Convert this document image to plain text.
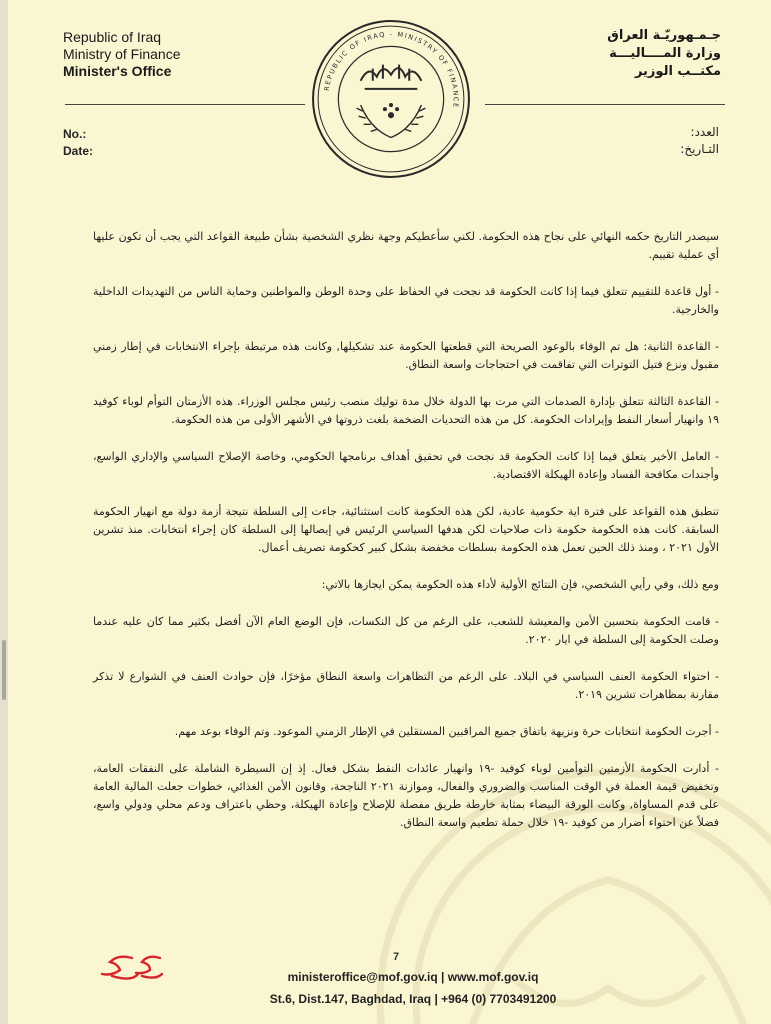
Republic of Iraq
Ministry of Finance
Minister's Office
جـمـهوريّـة العراق
وزارة المــــاليـــة
مكتــب الوزير
No.:
Date:
العدد:
التـاريخ:
REPUBLIC OF IRAQ - MINISTRY OF FINANCE

سيصدر التاريخ حكمه النهائي على نجاح هذه الحكومة. لكني سأعطيكم وجهة نظري الشخصية بشأن طبيعة القواعد التي يجب أن تكون عليها أي عملية تقييم.

- أول قاعدة للتقييم تتعلق فيما إذا كانت الحكومة قد نجحت في الحفاظ على وحدة الوطن والمواطنين وحماية الناس من التهديدات الداخلية والخارجية.

- القاعدة الثانية: هل تم الوفاء بالوعود الصريحة التي قطعتها الحكومة عند تشكيلها, وكانت هذه مرتبطة بإجراء الانتخابات في إطار زمني مقبول ونزع فتيل التوترات التي تفاقمت في احتجاجات واسعة النطاق.

- القاعدة الثالثة تتعلق بإدارة الصدمات التي مرت بها الدولة خلال مدة توليك منصب رئيس مجلس الوزراء. هذه الأزمتان التوأم لوباء كوفيد ١٩ وانهيار أسعار النفط وإيرادات الحكومة. كل من هذه التحديات الضخمة بلغت ذروتها في الأشهر الأولى من هذه الحكومة.

- العامل الأخير يتعلق فيما إذا كانت الحكومة قد نجحت في تحقيق أهداف برنامجها الحكومي، وخاصة الإصلاح السياسي والإداري الواسع، وأجندات مكافحة الفساد وإعادة الهيكلة الاقتصادية.

تنطبق هذه القواعد على فترة اية حكومية عادية، لكن هذه الحكومة كانت استثنائية، جاءت إلى السلطة نتيجة أزمة دولة مع انهيار الحكومة السابقة. كانت هذه الحكومة حكومة ذات صلاحيات لكن هدفها السياسي الرئيس في إيصالها إلى السلطة كان إجراء انتخابات. منذ تشرين الأول ٢٠٢١ ، ومنذ ذلك الحين تعمل هذه الحكومة بسلطات مخفضة بشكل كبير كحكومة تصريف أعمال.

ومع ذلك، وفي رأيي الشخصي، فإن النتائج الأولية لأداء هذه الحكومة يمكن ايجازها بالاتي:

- قامت الحكومة بتحسين الأمن والمعيشة للشعب، على الرغم من كل النكسات، فإن الوضع العام الآن أفضل بكثير مما كان عليه عندما وصلت الحكومة إلى السلطة في ايار ٢٠٢٠.

- احتواء الحكومة العنف السياسي في البلاد. على الرغم من التظاهرات واسعة النطاق مؤخرًا، فإن حوادث العنف في الشوارع لا تذكر مقارنة بمظاهرات تشرين ٢٠١٩.

- أجرت الحكومة انتخابات حرة ونزيهة باتفاق جميع المراقبين المستقلين في الإطار الزمني الموعود. وتم الوفاء بوعد مهم.

- أدارت الحكومة الأزمتين التوأمين لوباء كوفيد -١٩ وانهيار عائدات النفط بشكل فعال. إذ إن السيطرة الشاملة على النفقات العامة، وتخفيض قيمة العملة في الوقت المناسب والضروري والفعال، وموازنة ٢٠٢١ الناجحة، وقانون الأمن الغذائي، خطوات جعلت المالية العامة على قدم المساواة, وكانت الورقة البيضاء بمثابة خارطة طريق مفصلة للإصلاح وإعادة الهيكلة، وحظي باعتراف ودعم محلي ودولي واسع، فضلاً عن احتواء أضرار من كوفيد -١٩ خلال حملة تطعيم واسعة النطاق.

7
ministeroffice@mof.gov.iq | www.mof.gov.iq
St.6, Dist.147, Baghdad, Iraq | +964 (0) 7703491200
